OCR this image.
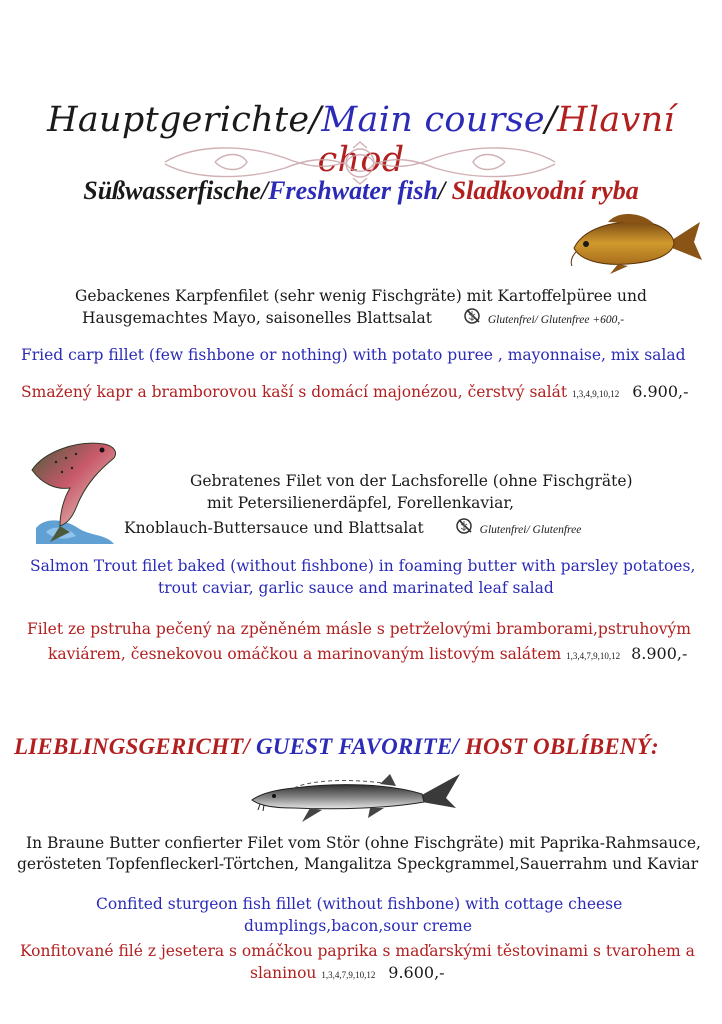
Hauptgerichte/Main course/Hlavní chod
Süßwasserfische/Freshwater fish/ Sladkovodní ryba
Gebackenes Karpfenfilet (sehr wenig Fischgräte) mit Kartoffelpüree und
Hausgemachtes Mayo, saisonelles Blattsalat	Glutenfrei/ Glutenfree +600,-
Fried carp fillet (few fishbone or nothing) with potato puree , mayonnaise, mix salad
Smažený kapr a bramborovou kaší s domácí majonézou, čerstvý salát 1,3,4,9,10,12 6.900,-
Gebratenes Filet von der Lachsforelle (ohne Fischgräte)
mit Petersilienerdäpfel, Forellenkaviar,
Knoblauch-Buttersauce und Blattsalat	Glutenfrei/ Glutenfree
Salmon Trout filet baked (without fishbone) in foaming butter with parsley potatoes,
trout caviar, garlic sauce and marinated leaf salad
Filet ze pstruha pečený na zpěněném másle s petrželovými bramborami,pstruhovým
kaviárem, česnekovou omáčkou a marinovaným listovým salátem 1,3,4,7,9,10,12 8.900,-
LIEBLINGSGERICHT/ GUEST FAVORITE/ HOST OBLÍBENÝ:
In Braune Butter confierter Filet vom Stör (ohne Fischgräte) mit Paprika-Rahmsauce,
gerösteten Topfenfleckerl-Törtchen, Mangalitza Speckgrammel,Sauerrahm und Kaviar
Confited sturgeon fish fillet (without fishbone) with cottage cheese
dumplings,bacon,sour creme
Konfitované filé z jesetera s omáčkou paprika s maďarskými těstovinami s tvarohem a
slaninou 1,3,4,7,9,10,12 9.600,-
